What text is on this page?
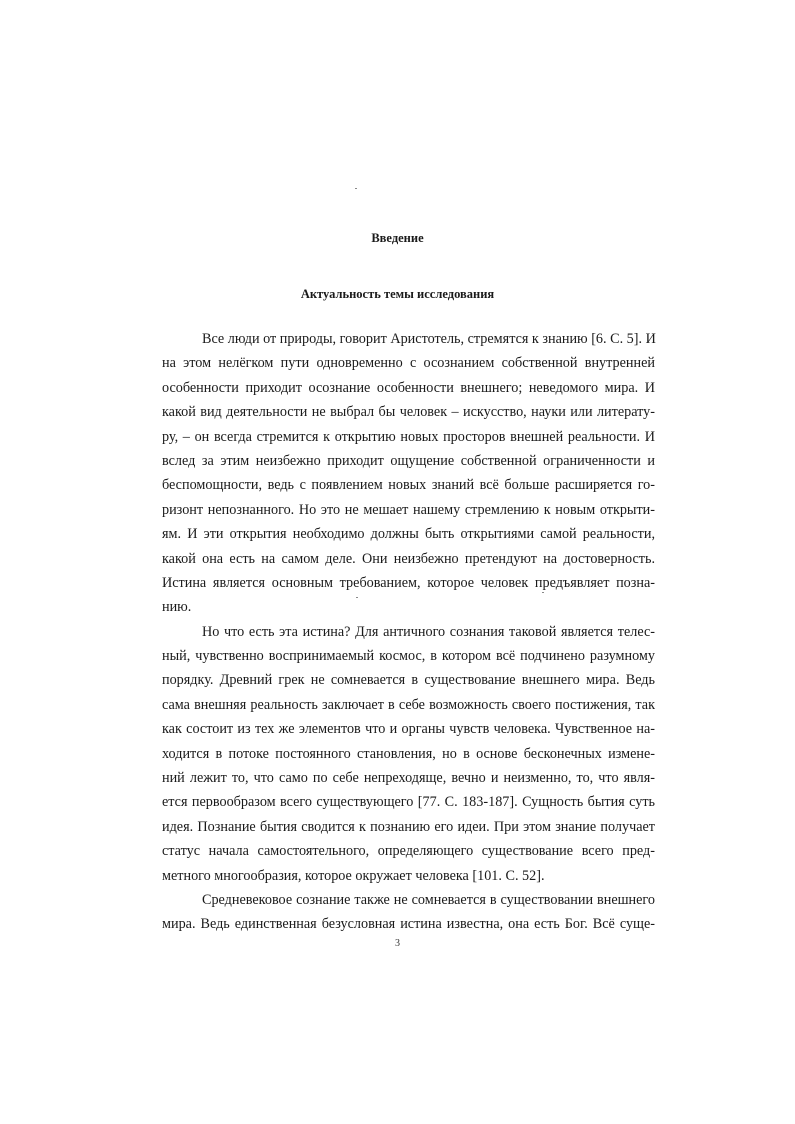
Введение
Актуальность темы исследования
Все люди от природы, говорит Аристотель, стремятся к знанию [6. С. 5]. И
на этом нелёгком пути одновременно с осознанием собственной внутренней
особенности приходит осознание особенности внешнего; неведомого мира. И
какой вид деятельности не выбрал бы человек – искусство, науки или литерату-
ру, – он всегда стремится к открытию новых просторов внешней реальности. И
вслед за этим неизбежно приходит ощущение собственной ограниченности и
беспомощности, ведь с появлением новых знаний всё больше расширяется го-
ризонт непознанного. Но это не мешает нашему стремлению к новым открыти-
ям. И эти открытия необходимо должны быть открытиями самой реальности,
какой она есть на самом деле. Они неизбежно претендуют на достоверность.
Истина является основным требованием, которое человек предъявляет позна-
нию.
Но что есть эта истина? Для античного сознания таковой является телес-
ный, чувственно воспринимаемый космос, в котором всё подчинено разумному
порядку. Древний грек не сомневается в существование внешнего мира. Ведь
сама внешняя реальность заключает в себе возможность своего постижения, так
как состоит из тех же элементов что и органы чувств человека. Чувственное на-
ходится в потоке постоянного становления, но в основе бесконечных измене-
ний лежит то, что само по себе непреходяще, вечно и неизменно, то, что явля-
ется первообразом всего существующего [77. С. 183-187]. Сущность бытия суть
идея. Познание бытия сводится к познанию его идеи. При этом знание получает
статус начала самостоятельного, определяющего существование всего пред-
метного многообразия, которое окружает человека [101. С. 52].
Средневековое сознание также не сомневается в существовании внешнего
мира. Ведь единственная безусловная истина известна, она есть Бог. Всё суще-
3
